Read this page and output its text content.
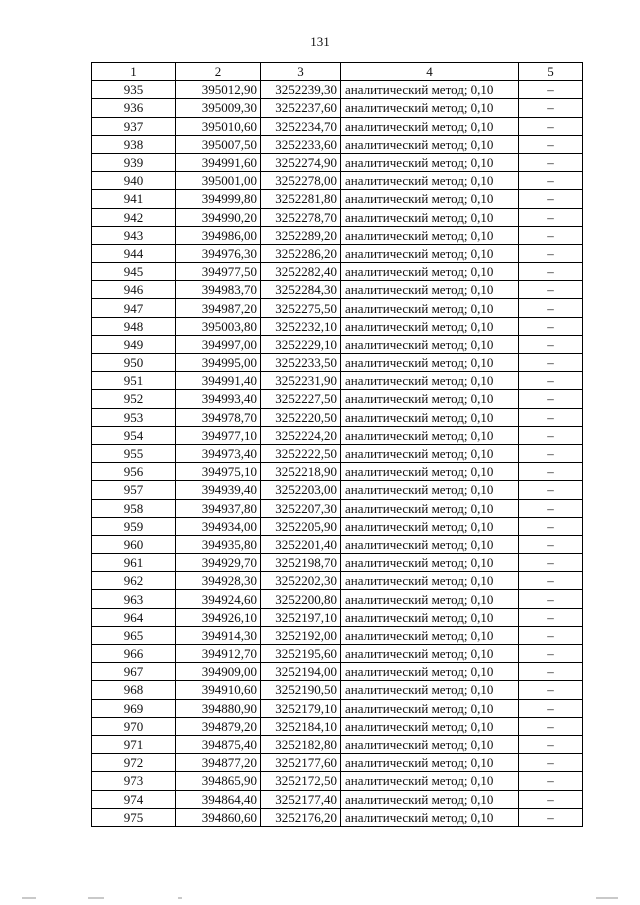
131
1	2	3	4	5
935	395012,90	3252239,30	аналитический метод; 0,10	–
936	395009,30	3252237,60	аналитический метод; 0,10	–
937	395010,60	3252234,70	аналитический метод; 0,10	–
938	395007,50	3252233,60	аналитический метод; 0,10	–
939	394991,60	3252274,90	аналитический метод; 0,10	–
940	395001,00	3252278,00	аналитический метод; 0,10	–
941	394999,80	3252281,80	аналитический метод; 0,10	–
942	394990,20	3252278,70	аналитический метод; 0,10	–
943	394986,00	3252289,20	аналитический метод; 0,10	–
944	394976,30	3252286,20	аналитический метод; 0,10	–
945	394977,50	3252282,40	аналитический метод; 0,10	–
946	394983,70	3252284,30	аналитический метод; 0,10	–
947	394987,20	3252275,50	аналитический метод; 0,10	–
948	395003,80	3252232,10	аналитический метод; 0,10	–
949	394997,00	3252229,10	аналитический метод; 0,10	–
950	394995,00	3252233,50	аналитический метод; 0,10	–
951	394991,40	3252231,90	аналитический метод; 0,10	–
952	394993,40	3252227,50	аналитический метод; 0,10	–
953	394978,70	3252220,50	аналитический метод; 0,10	–
954	394977,10	3252224,20	аналитический метод; 0,10	–
955	394973,40	3252222,50	аналитический метод; 0,10	–
956	394975,10	3252218,90	аналитический метод; 0,10	–
957	394939,40	3252203,00	аналитический метод; 0,10	–
958	394937,80	3252207,30	аналитический метод; 0,10	–
959	394934,00	3252205,90	аналитический метод; 0,10	–
960	394935,80	3252201,40	аналитический метод; 0,10	–
961	394929,70	3252198,70	аналитический метод; 0,10	–
962	394928,30	3252202,30	аналитический метод; 0,10	–
963	394924,60	3252200,80	аналитический метод; 0,10	–
964	394926,10	3252197,10	аналитический метод; 0,10	–
965	394914,30	3252192,00	аналитический метод; 0,10	–
966	394912,70	3252195,60	аналитический метод; 0,10	–
967	394909,00	3252194,00	аналитический метод; 0,10	–
968	394910,60	3252190,50	аналитический метод; 0,10	–
969	394880,90	3252179,10	аналитический метод; 0,10	–
970	394879,20	3252184,10	аналитический метод; 0,10	–
971	394875,40	3252182,80	аналитический метод; 0,10	–
972	394877,20	3252177,60	аналитический метод; 0,10	–
973	394865,90	3252172,50	аналитический метод; 0,10	–
974	394864,40	3252177,40	аналитический метод; 0,10	–
975	394860,60	3252176,20	аналитический метод; 0,10	–
